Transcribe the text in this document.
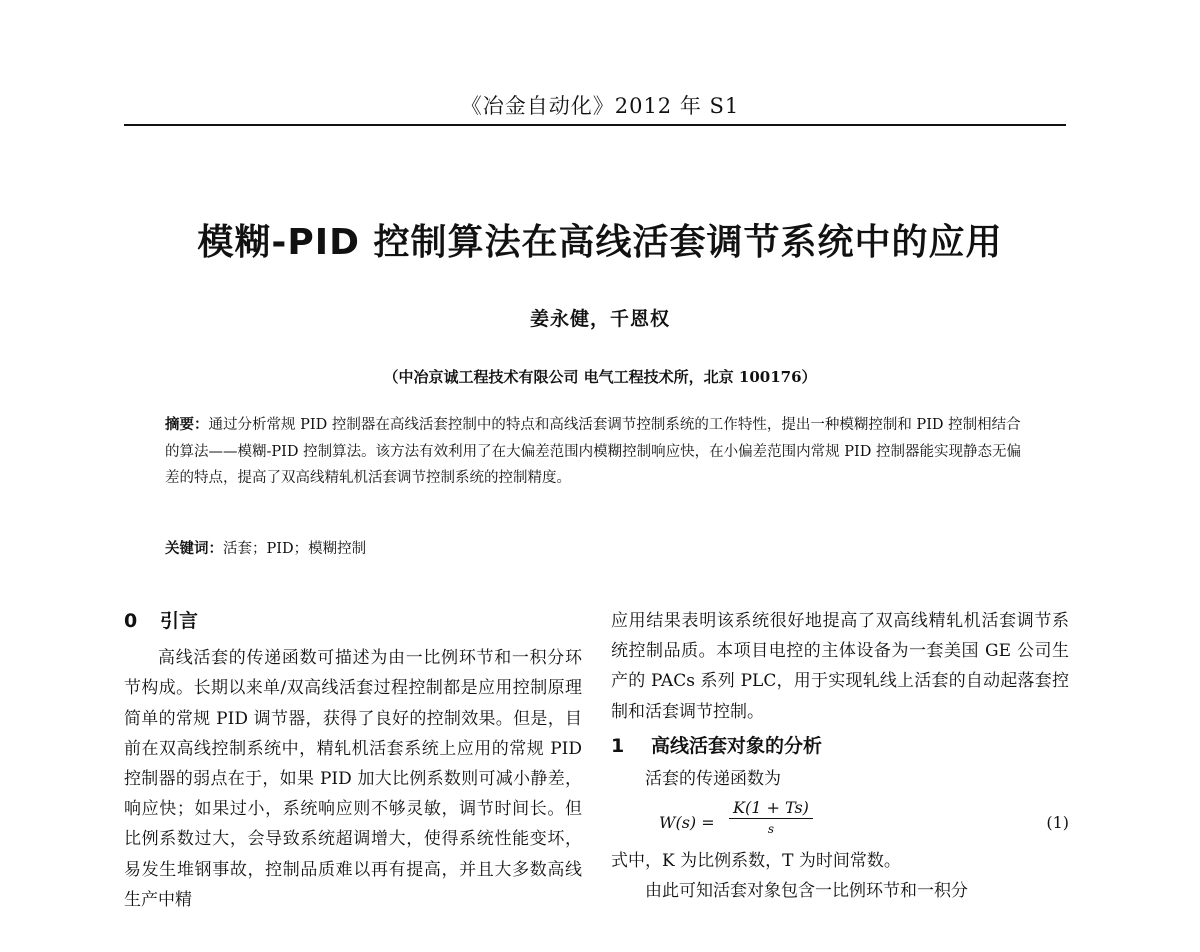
《冶金自动化》2012 年 S1
模糊-PID 控制算法在高线活套调节系统中的应用
姜永健，千恩权
（中冶京诚工程技术有限公司 电气工程技术所，北京 100176）
摘要：通过分析常规 PID 控制器在高线活套控制中的特点和高线活套调节控制系统的工作特性，提出一种模糊控制和 PID 控制相结合的算法——模糊-PID 控制算法。该方法有效利用了在大偏差范围内模糊控制响应快，在小偏差范围内常规 PID 控制器能实现静态无偏差的特点，提高了双高线精轧机活套调节控制系统的控制精度。
关键词：活套；PID；模糊控制
0 引言

高线活套的传递函数可描述为由一比例环节和一积分环节构成。长期以来单/双高线活套过程控制都是应用控制原理简单的常规 PID 调节器，获得了良好的控制效果。但是，目前在双高线控制系统中，精轧机活套系统上应用的常规 PID 控制器的弱点在于，如果 PID 加大比例系数则可减小静差，响应快；如果过小，系统响应则不够灵敏，调节时间长。但比例系数过大，会导致系统超调增大，使得系统性能变坏，易发生堆钢事故，控制品质难以再有提高，并且大多数高线生产中精

应用结果表明该系统很好地提高了双高线精轧机活套调节系统控制品质。本项目电控的主体设备为一套美国 GE 公司生产的 PACs 系列 PLC，用于实现轧线上活套的自动起落套控制和活套调节控制。

1 高线活套对象的分析

活套的传递函数为

W(s) =
K(1 + Ts)
s	(1)

式中，K 为比例系数，T 为时间常数。

由此可知活套对象包含一比例环节和一积分
